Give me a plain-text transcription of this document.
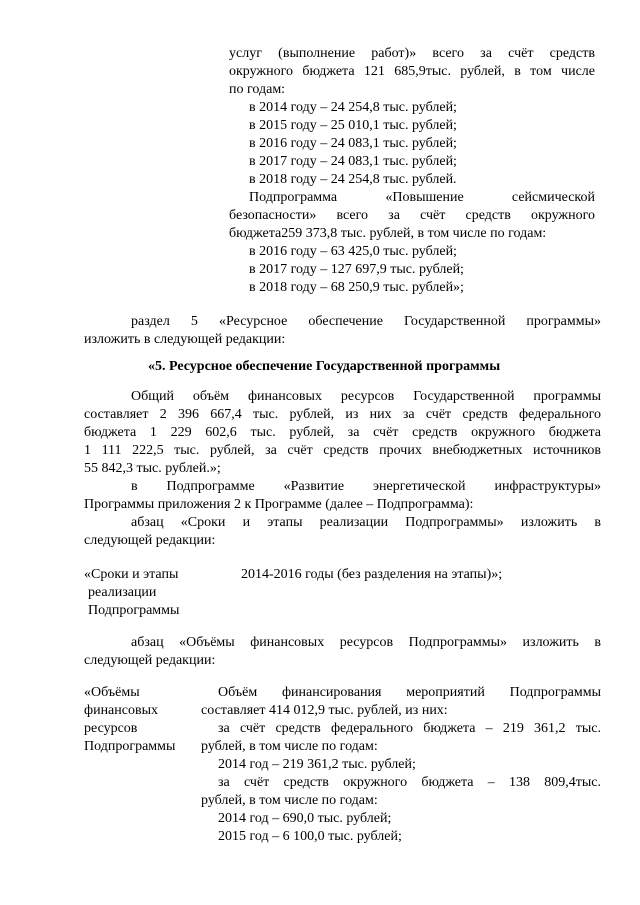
услуг (выполнение работ)» всего за счёт средств
окружного бюджета 121 685,9тыс. рублей, в том числе
по годам:
в 2014 году – 24 254,8 тыс. рублей;
в 2015 году – 25 010,1 тыс. рублей;
в 2016 году – 24 083,1 тыс. рублей;
в 2017 году – 24 083,1 тыс. рублей;
в 2018 году – 24 254,8 тыс. рублей.
Подпрограмма «Повышение сейсмической
безопасности» всего за счёт средств окружного
бюджета259 373,8 тыс. рублей, в том числе по годам:
в 2016 году – 63 425,0 тыс. рублей;
в 2017 году – 127 697,9 тыс. рублей;
в 2018 году – 68 250,9 тыс. рублей»;
раздел 5 «Ресурсное обеспечение Государственной программы»
изложить в следующей редакции:
«5. Ресурсное обеспечение Государственной программы
Общий объём финансовых ресурсов Государственной программы
составляет 2 396 667,4 тыс. рублей, из них за счёт средств федерального
бюджета 1 229 602,6 тыс. рублей, за счёт средств окружного бюджета
1 111 222,5 тыс. рублей, за счёт средств прочих внебюджетных источников
55 842,3 тыс. рублей.»;
в Подпрограмме «Развитие энергетической инфраструктуры»
Программы приложения 2 к Программе (далее – Подпрограмма):
абзац «Сроки и этапы реализации Подпрограммы» изложить в
следующей редакции:
«Сроки и этапы
реализации
Подпрограммы
2014-2016 годы (без разделения на этапы)»;
абзац «Объёмы финансовых ресурсов Подпрограммы» изложить в
следующей редакции:
«Объёмы
финансовых
ресурсов
Подпрограммы
Объём финансирования мероприятий Подпрограммы
составляет 414 012,9 тыс. рублей, из них:
за счёт средств федерального бюджета – 219 361,2 тыс.
рублей, в том числе по годам:
2014 год – 219 361,2 тыс. рублей;
за счёт средств окружного бюджета – 138 809,4тыс.
рублей, в том числе по годам:
2014 год – 690,0 тыс. рублей;
2015 год – 6 100,0 тыс. рублей;
